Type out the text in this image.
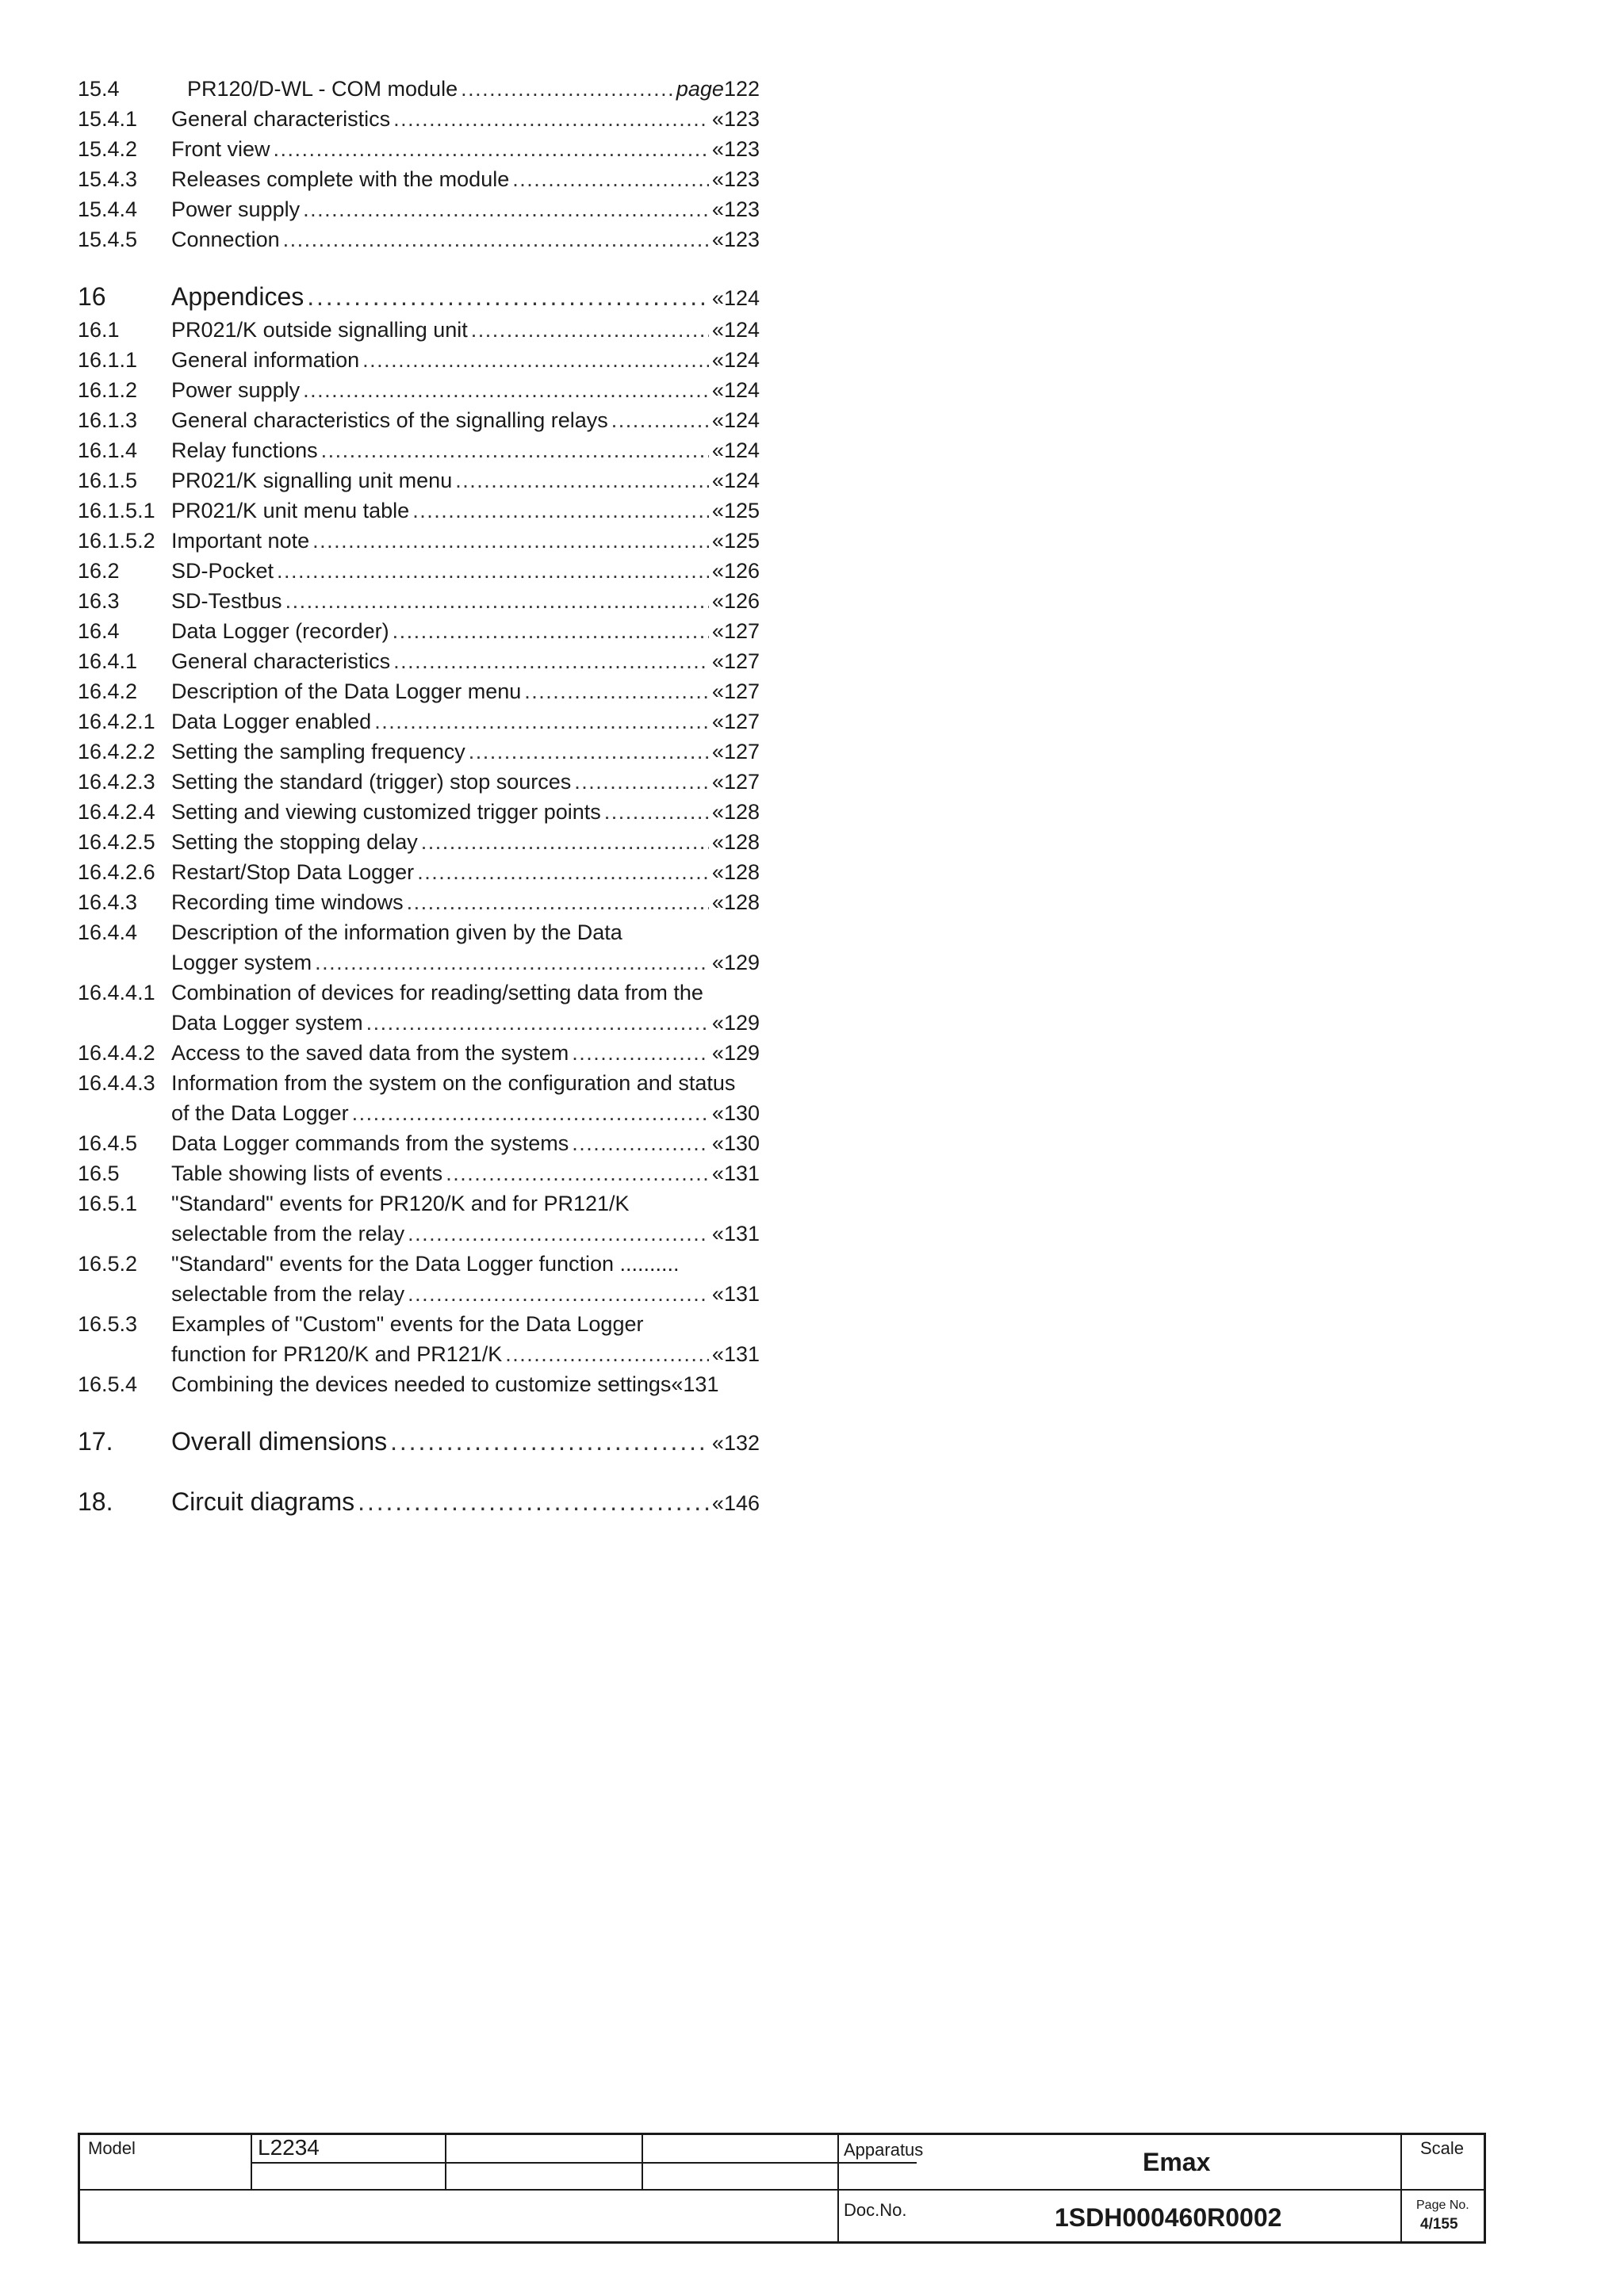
15.4	PR120/D-WL - COM module . . .	page122
15.4.1	General characteristics . . .	«123
15.4.2	Front view . . .	«123
15.4.3	Releases complete with the module . . .	«123
15.4.4	Power supply . . .	«123
15.4.5	Connection . . .	«123
16	Appendices . . .	«124
16.1	PR021/K outside signalling unit . . .	«124
16.1.1	General information . . .	«124
16.1.2	Power supply . . .	«124
16.1.3	General characteristics of the signalling relays . . .	«124
16.1.4	Relay functions . . .	«124
16.1.5	PR021/K signalling unit menu . . .	«124
16.1.5.1 PR021/K unit menu table . . .	«125
16.1.5.2 Important note . . .	«125
16.2	SD-Pocket . . .	«126
16.3	SD-Testbus . . .	«126
16.4	Data Logger (recorder) . . .	«127
16.4.1	General characteristics . . .	«127
16.4.2	Description of the Data Logger menu . . .	«127
16.4.2.1 Data Logger enabled . . .	«127
16.4.2.2 Setting the sampling frequency . . .	«127
16.4.2.3 Setting the standard (trigger) stop sources . . .	«127
16.4.2.4 Setting and viewing customized trigger points . . .	«128
16.4.2.5 Setting the stopping delay . . .	«128
16.4.2.6 Restart/Stop Data Logger . . .	«128
16.4.3	Recording time windows . . .	«128
16.4.4	Description of the information given by the Data
Logger system . . .	«129
16.4.4.1 Combination of devices for reading/setting data from the
Data Logger system . . .	«129
16.4.4.2 Access to the saved data from the system . . .	«129
16.4.4.3 Information from the system on the configuration and status
of the Data Logger . . .	«130
16.4.5	Data Logger commands from the systems . . .	«130
16.5	Table showing lists of events . . .	«131
16.5.1	"Standard" events for PR120/K and for PR121/K
selectable from the relay . . .	«131
16.5.2	"Standard" events for the Data Logger function ..........
selectable from the relay . . .	«131
16.5.3	Examples of "Custom" events for the Data Logger
function for PR120/K and PR121/K . . .	«131
16.5.4	Combining the devices needed to customize settings «131
17.	Overall dimensions . . .	«132
18.	Circuit diagrams . . .	«146
Model	L2234	Apparatus	Emax	Scale
Doc.No.	1SDH000460R0002	Page No.
4/155
